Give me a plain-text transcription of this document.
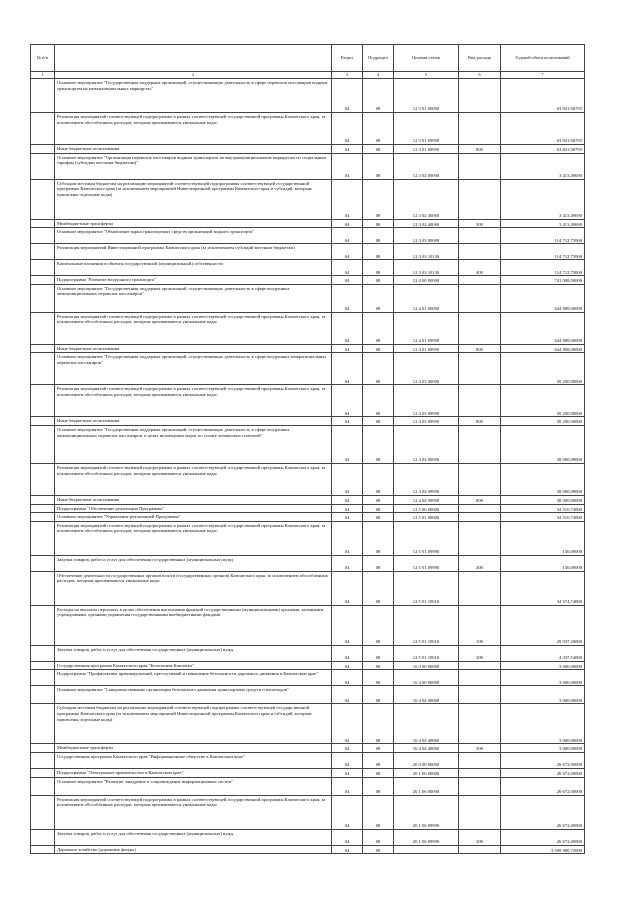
№ п/п		Раздел	Подраздел	Целевая статья	Вид расхода	Годовой объем ассигнований
1	2	3	4	5	6	7
	Основное мероприятие "Государственная поддержка организаций, осуществляющих деятельность в сфере перевозок пассажиров водным транспортом на межмуниципальных маршрутах"	04	08	12 3 01 00000		63 841,06795
	Реализация мероприятий соответствующей подпрограммы в рамках соответствующей государственной программы Камчатского края, за исключением обособленных расходов, которым присваиваются уникальные коды	04	08	12 3 01 09990		63 841,06795
	Иные бюджетные ассигнования	04	08	12 3 01 09990	800	63 841,06795
	Основное мероприятие "Организация перевозок пассажиров водным транспортом по внутримуниципальным маршрутам по социальным тарифам (субсидии местным бюджетам)"	04	08	12 3 02 00000		3 413,49690
	Субсидии местным бюджетам на реализацию мероприятий соответствующей подпрограммы соответствующей государственной программы Камчатского края (за исключением мероприятий Инвестиционной программы Камчатского края и субсидий, которым присвоены отдельные коды)	04	08	12 3 02 40060		3 413,49690
	Межбюджетные трансферты	04	08	12 3 02 40060	500	3 413,49690
	Основное мероприятие "Обновление парка транспортных средств организаций водного транспорта"	04	08	12 3 03 00000		114 712,75000
	Реализация мероприятий Инвестиционной программы Камчатского края (за исключением субсидий местным бюджетам)	04	08	12 3 03 10130		114 712,75000
	Капитальные вложения в объекты государственной (муниципальной) собственности	04	08	12 3 03 10130	400	114 712,75000
	Подпрограмма "Развитие воздушного транспорта"	04	08	12 4 00 00000		741 008,00000
	Основное мероприятие "Государственная поддержка организаций, осуществляющих деятельность в сфере воздушных межмуниципальных перевозок пассажиров"	04	08	12 4 01 00000		644 808,00000
	Реализация мероприятий соответствующей подпрограммы в рамках соответствующей государственной программы Камчатского края, за исключением обособленных расходов, которым присваиваются уникальные коды	04	08	12 4 01 09990		644 808,00000
	Иные бюджетные ассигнования	04	08	12 4 01 09990	800	644 808,00000
	Основное мероприятие "Государственная поддержка организаций, осуществляющих деятельность в сфере воздушных межрегиональных перевозок пассажиров"	04	08	12 4 03 00000		58 200,00000
	Реализация мероприятий соответствующей подпрограммы в рамках соответствующей государственной программы Камчатского края, за исключением обособленных расходов, которым присваиваются уникальные коды	04	08	12 4 03 09990		58 200,00000
	Иные бюджетные ассигнования	04	08	12 4 03 09990	800	58 200,00000
	Основное мероприятие "Государственная поддержка организаций, осуществляющих деятельность в сфере воздушных межмуниципальных перевозок пассажиров, в целях возмещения затрат по уплате лизинговых платежей"	04	08	12 4 04 00000		38 000,00000
	Реализация мероприятий соответствующей подпрограммы в рамках соответствующей государственной программы Камчатского края, за исключением обособленных расходов, которым присваиваются уникальные коды	04	08	12 4 04 09990		38 000,00000
	Иные бюджетные ассигнования	04	08	12 4 04 09990	800	38 000,00000
	Подпрограмма "Обеспечение реализации Программы"	04	08	12 5 00 00000		34 510,74000
	Основное мероприятие "Управление реализацией Программы"	04	08	12 5 01 00000		34 510,74000
	Реализация мероприятий соответствующей подпрограммы в рамках соответствующей государственной программы Камчатского края, за исключением обособленных расходов, которым присваиваются уникальные коды	04	08	12 5 01 09990		136,00000
	Закупка товаров, работ и услуг для обеспечения государственных (муниципальных) нужд	04	08	12 5 01 09990	200	136,00000
	Обеспечение деятельности государственных органов власти (государственных органов) Камчатского края, за исключением обособленных расходов, которым присваиваются уникальные коды	04	08	12 5 01 10010		34 374,74000
	Расходы на выплаты персоналу в целях обеспечения выполнения функций государственными (муниципальными) органами, казенными учреждениями, органами управления государственными внебюджетными фондами	04	08	12 5 01 10010	100	29 937,20000
	Закупка товаров, работ и услуг для обеспечения государственных (муниципальных) нужд	04	08	12 5 01 10010	200	4 437,54000
	Государственная программа Камчатского края "Безопасная Камчатка"	04	08	16 0 00 00000		3 000,00000
	Подпрограмма "Профилактика правонарушений, преступлений и повышение безопасности дорожного движения в Камчатском крае"	04	08	16 4 00 00000		3 000,00000
	Основное мероприятие "Совершенствование организации безопасного движения транспортных средств и пешеходов"	04	08	16 4 04 00000		3 000,00000
	Субсидии местным бюджетам на реализацию мероприятий соответствующей подпрограммы соответствующей государственной программы Камчатского края (за исключением мероприятий Инвестиционной программы Камчатского края и субсидий, которым присвоены отдельные коды)	04	08	16 4 04 40060		3 000,00000
	Межбюджетные трансферты	04	08	16 4 04 40060	500	3 000,00000
	Государственная программа Камчатского края "Информационное общество в Камчатском крае"	04	08	20 0 00 00000		26 672,00000
	Подпрограмма "Электронное правительство в Камчатском крае"	04	08	20 1 00 00000		26 672,00000
	Основное мероприятие "Развитие, внедрение и сопровождение информационных систем"	04	08	20 1 06 00000		26 672,00000
	Реализация мероприятий соответствующей подпрограммы в рамках соответствующей государственной программы Камчатского края, за исключением обособленных расходов, которым присваиваются уникальные коды	04	08	20 1 06 09990		26 672,00000
	Закупка товаров, работ и услуг для обеспечения государственных (муниципальных) нужд	04	08	20 1 06 09990	200	26 672,00000
	Дорожное хозяйство (дорожные фонды)	04	09			3 509 980,72000
